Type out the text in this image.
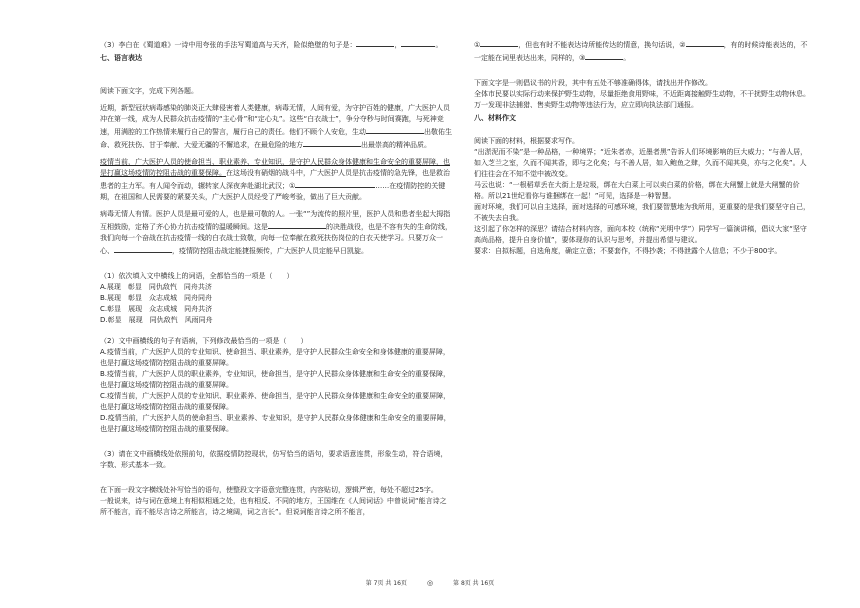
（3）李白在《蜀道难》一诗中用夸张的手法写蜀道高与天齐，险似绝壁的句子是：	，	。

七、语言表达

阅读下面文字，完成下列各题。

近期，新型冠状病毒感染的肺炎正大肆侵害着人类健康，病毒无情，人间有爱，为守护百姓的健康，广大医护人员冲在第一线，成为人民群众抗击疫情的“主心骨”和“定心丸”。这些“白衣战士”，争分夺秒与时间赛跑，与死神竞速，用满腔的工作热情来履行自己的誓言，履行自己的责任。他们不顾个人安危，生动	出敬佑生命、救死扶伤、甘于奉献、大爱无疆的不懈追求，在最危险的地方	出最崇高的精神品质。

疫情当前，广大医护人员的使命担当、职业素养、专业知识，是守护人民群众身体健康和生命安全的重要屏障，也是打赢这场疫情防控阻击战的重要保障。在这场没有硝烟的战斗中，广大医护人员是抗击疫情的急先锋，也是救治患者的主力军。有人闻令而动，辗转家人深夜奔赴湖北武汉；①	……在疫情防控的关键期，在祖国和人民需要的紧要关头，广大医护人员经受了严峻考验，做出了巨大贡献。

病毒无情人有情。医护人员是最可爱的人，也是最可敬的人。一张“”为流传的照片里，医护人员和患者坐起大拇指互相鼓励，定格了齐心协力抗击疫情的温暖瞬间。这是	的决胜战役，也是不容有失的生命防线，我们向每一个奋战在抗击疫情一线的白衣战士致敬，向每一位奉献在救死扶伤岗位的白衣天使学习。只要万众一心、	，疫情防控阻击战定能捷报频传，广大医护人员定能早日凯旋。

（1）依次填入文中横线上的词语，全都恰当的一项是（　　）

A.展现　彰显　同仇敌忾　同舟共济

B.展现　彰显　众志成城　同舟同舟

C.彰显　展现　众志成城　同舟共济

D.彰显　展现　同仇敌忾　风雨同舟

（2）文中画横线的句子有语病，下列修改最恰当的一项是（　　）

A.疫情当前，广大医护人员的专业知识、使命担当、职业素养，是守护人民群众生命安全和身体健康的重要屏障，也是打赢这场疫情防控阻击战的重要屏障。

B.疫情当前，广大医护人员的职业素养，专业知识，使命担当，是守护人民群众身体健康和生命安全的重要保障，也是打赢这场疫情防控阻击战的重要屏障。

C.疫情当前，广大医护人员的专业知识、职业素养、使命担当，是守护人民群众身体健康和生命安全的重要屏障，也是打赢这场疫情防控阻击战的重要保障。

D.疫情当前，广大医护人员的使命担当、职业素养、专业知识，是守护人民群众身体健康和生命安全的重要屏障，也是打赢这场疫情防控阻击战的重要保障。

（3）请在文中画横线处依照前句，依据疫情防控现状，仿写恰当的语句，要求语意连贯，形象生动，符合语境，字数、形式基本一致。

在下面一段文字横线处补写恰当的语句，使整段文字语意完整连贯，内容贴切，逻辑严密，每处不超过25字。

一般说来，诗与词在意境上有相似相通之处，也有相反、不同的地方，王国维在《人间词话》中曾说词“能言诗之所不能言，而不能尽言诗之所能言，诗之境阔，词之言长”。但说词能言诗之所不能言，

①	，但也有时不能表达诗所能传达的情意，换句话说，②	，有的时候诗能表达的，不一定能在词里表达出来，同样的，③	。

下面文字是一则倡议书的片段，其中有五处不够准确得体，请找出并作修改。

全体市民要以实际行动来保护野生动物，尽量拒绝食用野味，不近距离接触野生动物，不干扰野生动物休息。万一发现非法捕猎、售卖野生动物等违法行为，应立即向执法部门通报。

八、材料作文

阅读下面的材料，根据要求写作。

“出淤泥而不染”是一种品格，一种境界；“近朱者赤，近墨者黑”告诉人们环境影响的巨大威力；“与善人居，如入芝兰之室，久而不闻其香，即与之化矣；与不善人居，如入鲍鱼之肆，久而不闻其臭，亦与之化矣”。人们往往会在不知不觉中被改变。

马云也说：“一根稻草丢在大街上是垃圾，绑在大白菜上可以卖白菜的价格，绑在大闸蟹上就是大闸蟹的价格。所以21世纪看你与谁捆绑在一起！”可见，选择是一种智慧。

面对环境，我们可以自主选择，面对选择的可感环境，我们要智慧地为我所用，更重要的是我们要坚守自己，不被失去自我。

这引起了你怎样的深思？请结合材料内容，面向本校（统称“光明中学”）同学写一篇演讲稿，倡议大家“坚守高尚品格，提升自身价值”，要体现你的认识与思考，并提出希望与建议。

要求：自拟标题，自选角度，确定立意；不要套作，不得抄袭；不得泄露个人信息；不少于800字。

第 7页 共 16页	◎	第 8页 共 16页
